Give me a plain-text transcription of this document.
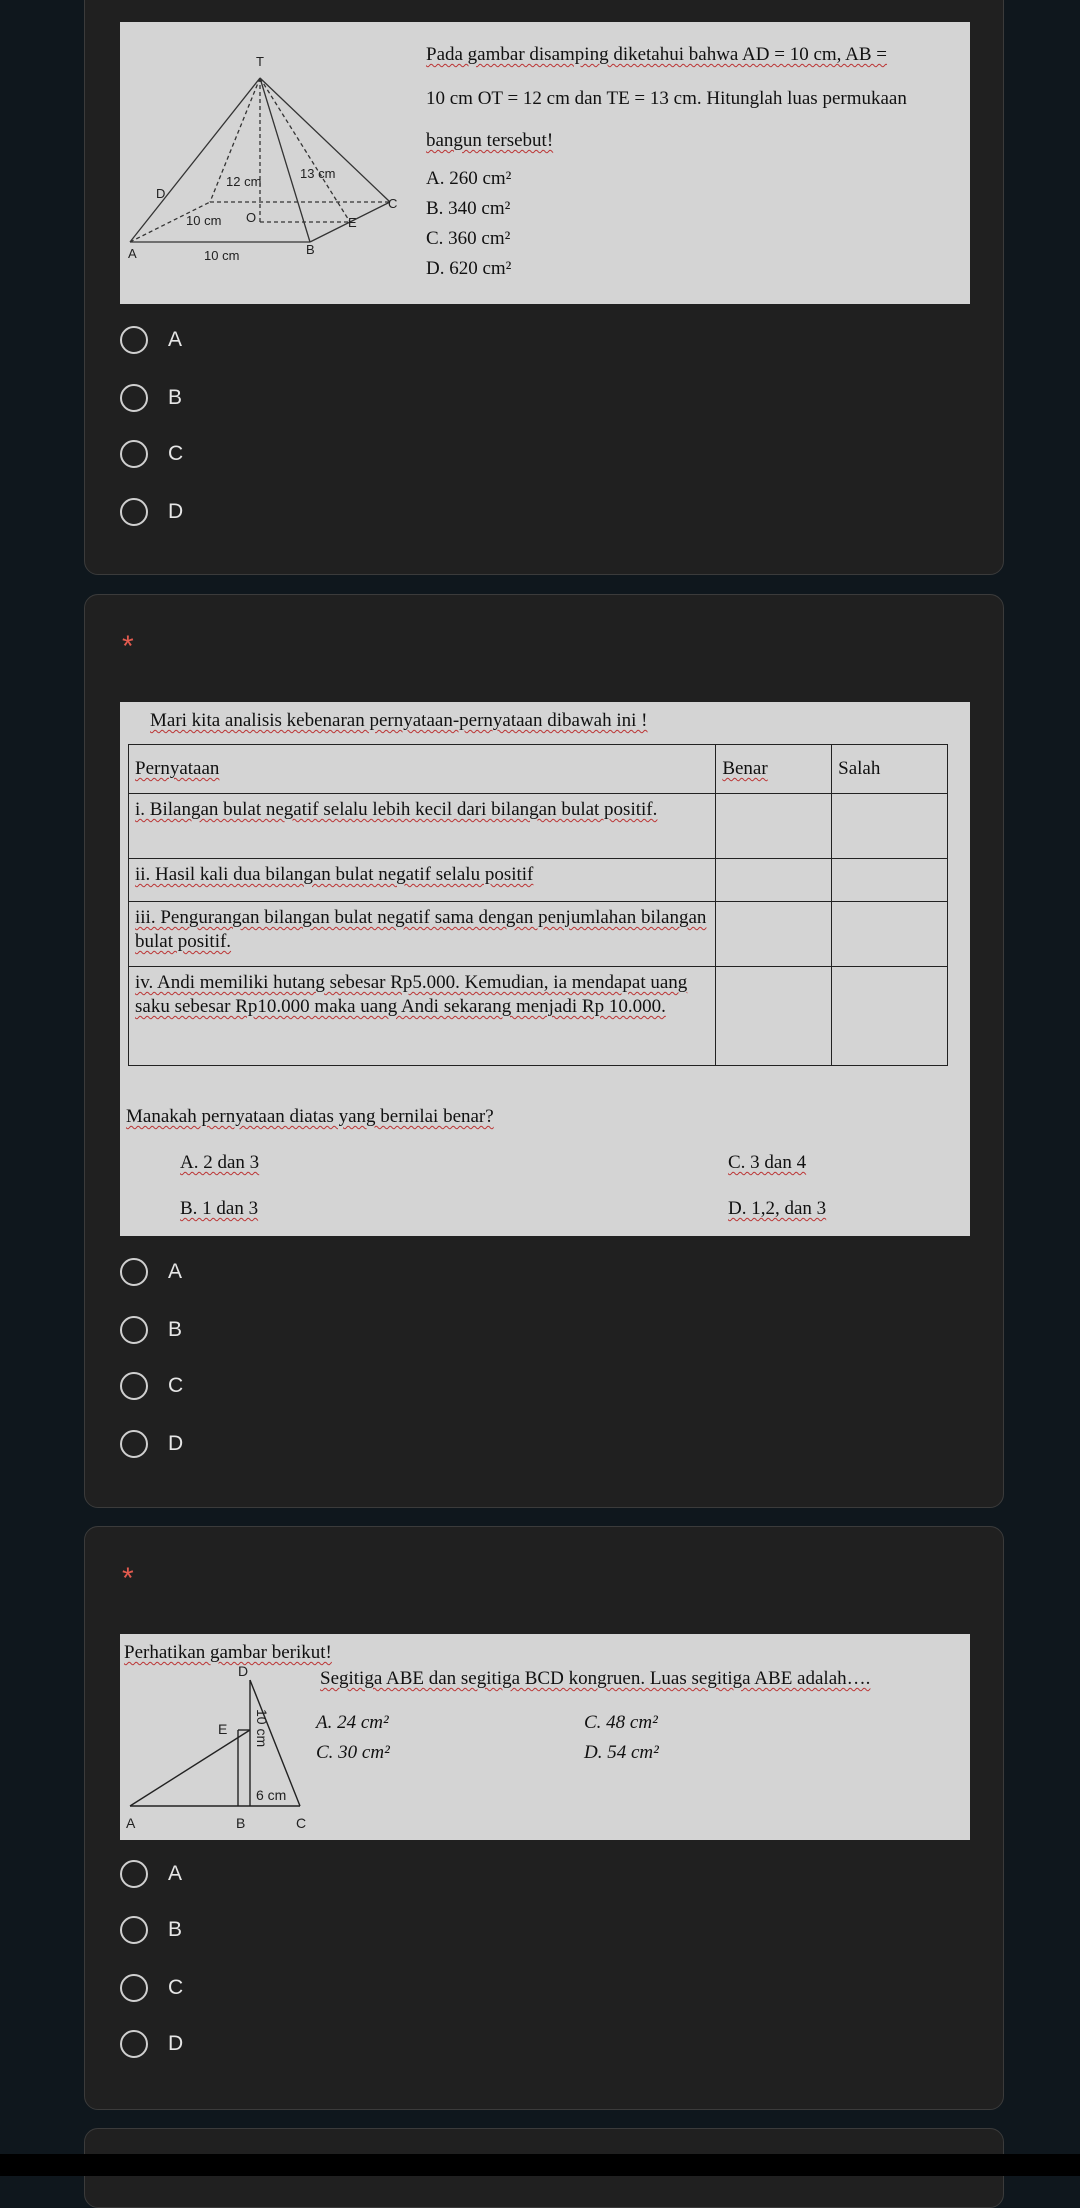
T
D
C
A	B
E
O
12 cm
13 cm
10 cm
10 cm
Pada gambar disamping diketahui bahwa AD = 10 cm, AB =
10 cm OT = 12 cm dan TE = 13 cm. Hitunglah luas permukaan
bangun tersebut!
A. 260 cm²
B. 340 cm²
C. 360 cm²
D. 620 cm²
A
B
C
D
*
Mari kita analisis kebenaran pernyataan-pernyataan dibawah ini !
Pernyataan	Benar	Salah
i. Bilangan bulat negatif selalu lebih kecil dari bilangan bulat positif.		
ii. Hasil kali dua bilangan bulat negatif selalu positif		
iii. Pengurangan bilangan bulat negatif sama dengan penjumlahan bilangan bulat positif.		
iv. Andi memiliki hutang sebesar Rp5.000. Kemudian, ia mendapat uang saku sebesar Rp10.000 maka uang Andi sekarang menjadi Rp 10.000.		
Manakah pernyataan diatas yang bernilai benar?
A. 2 dan 3	C. 3 dan 4
B. 1 dan 3	D. 1,2, dan 3
A
B
C
D
*
Perhatikan gambar berikut!
D
E
A	B	C
6 cm
10 cm
Segitiga ABE dan segitiga BCD kongruen. Luas segitiga ABE adalah….
A. 24 cm²	C. 48 cm²
C. 30 cm²	D. 54 cm²
A
B
C
D
